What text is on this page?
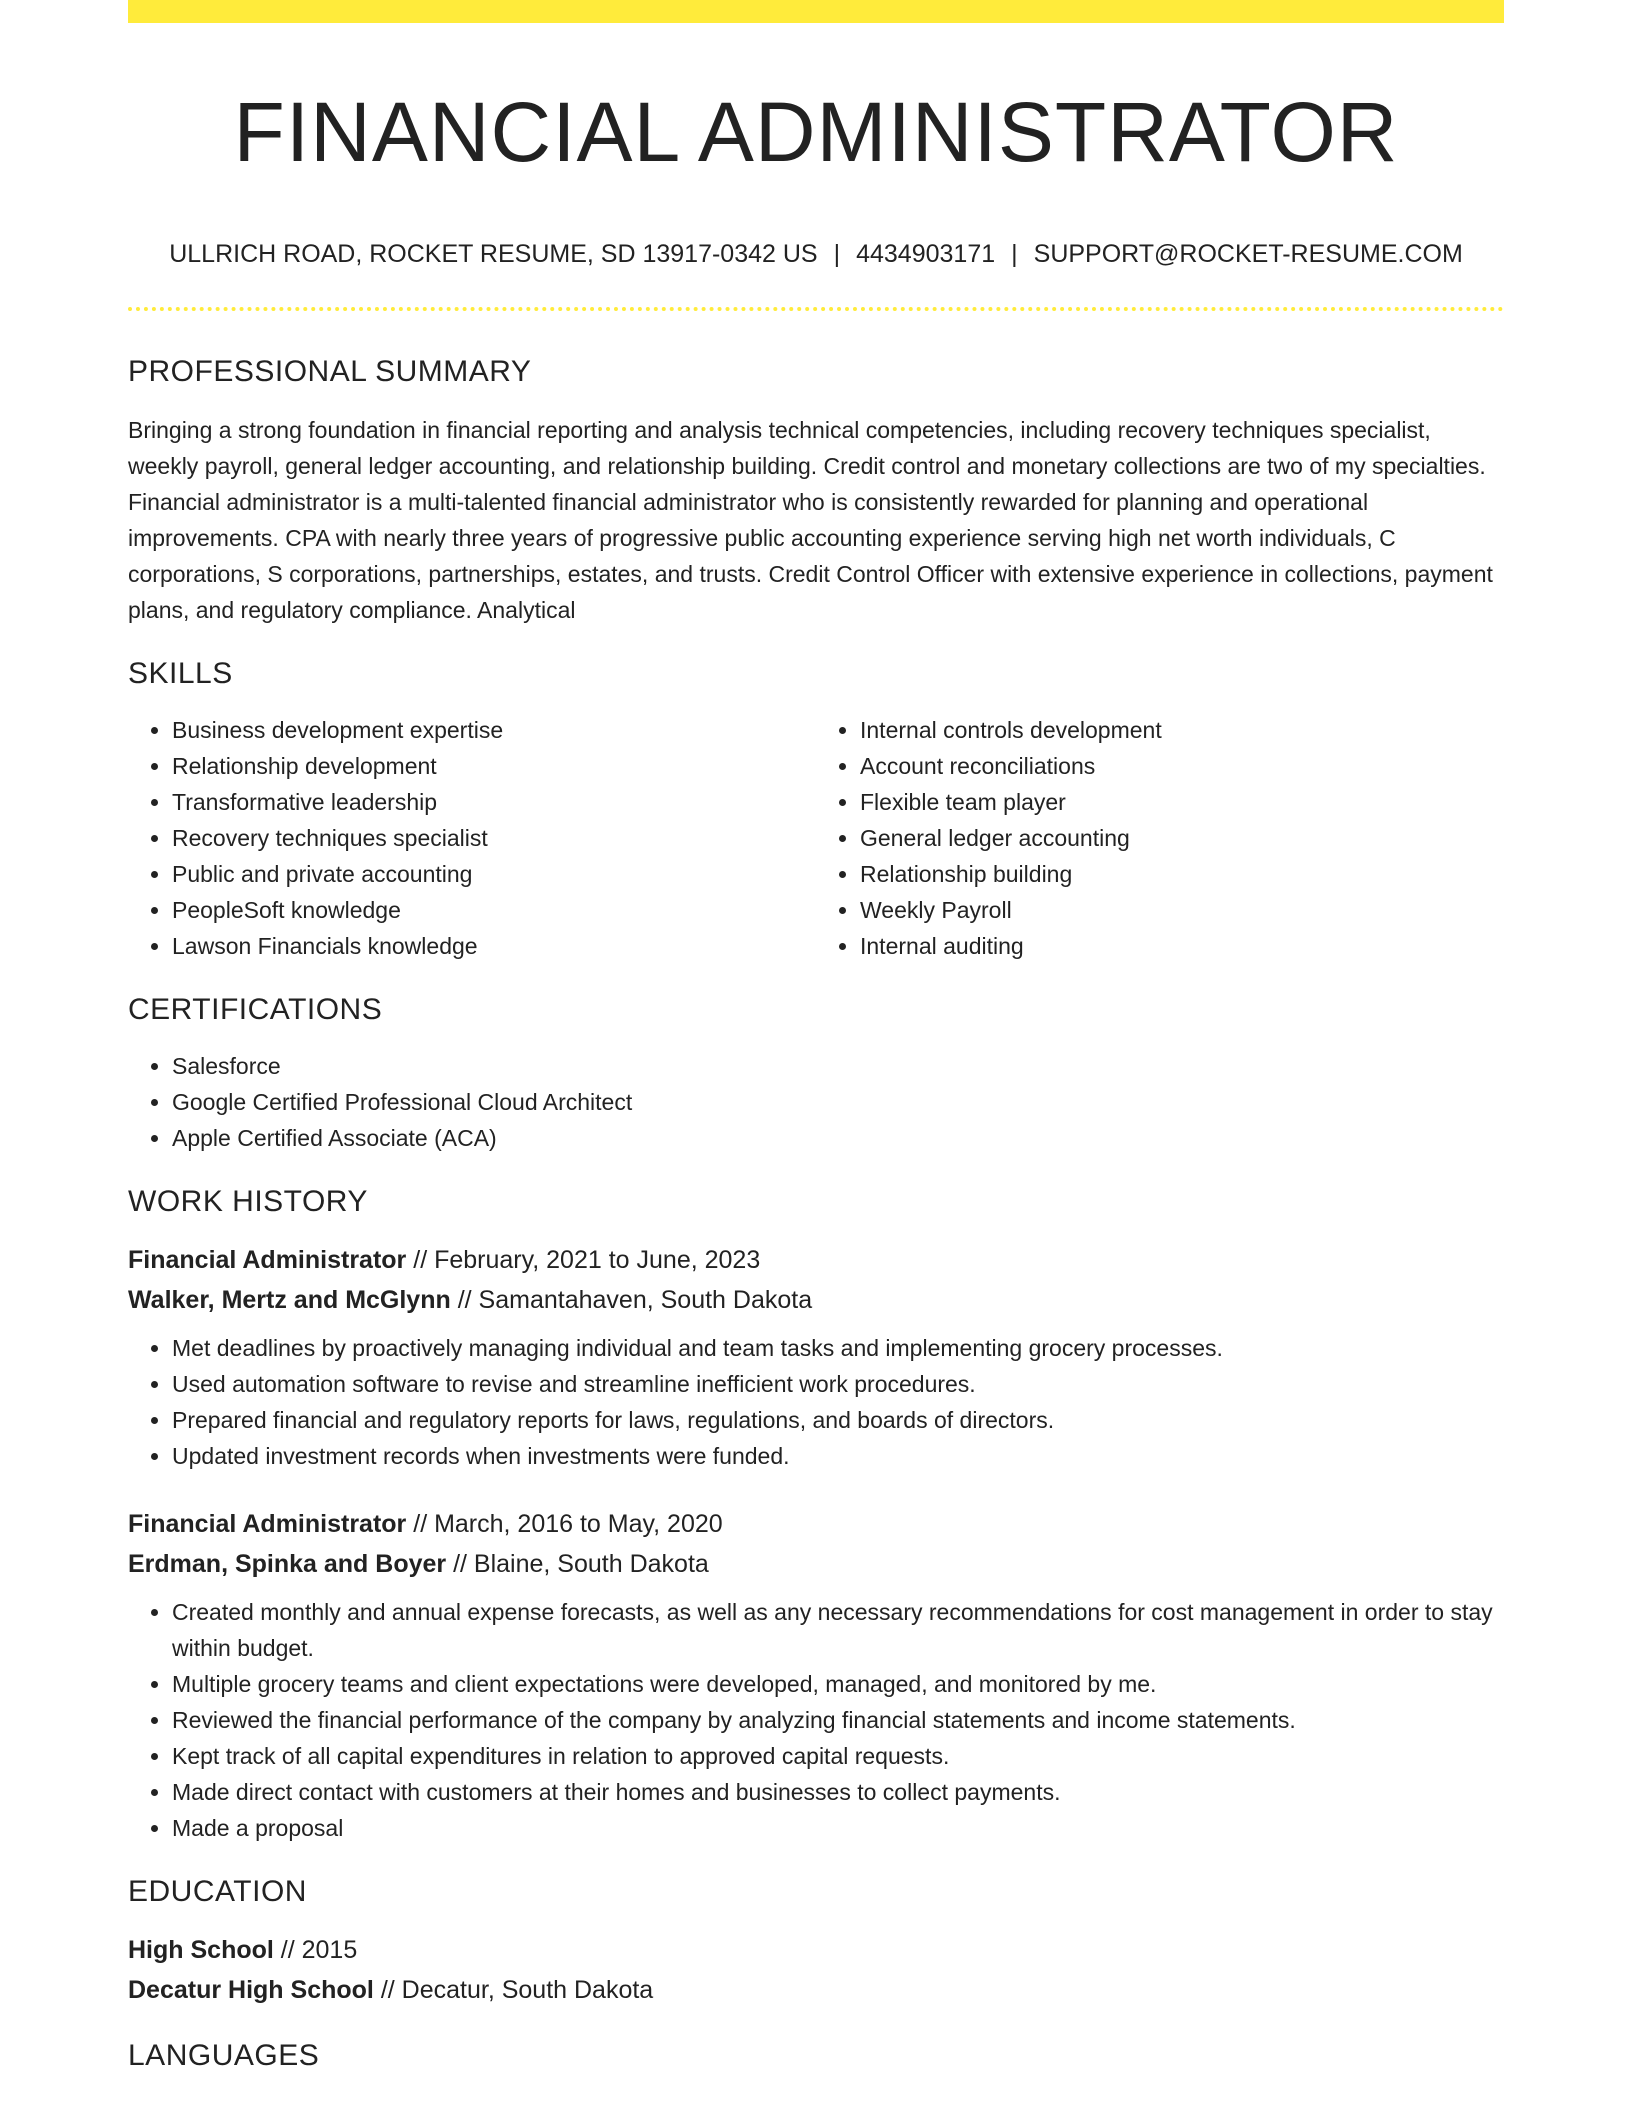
FINANCIAL ADMINISTRATOR
ULLRICH ROAD, ROCKET RESUME, SD 13917-0342 US | 4434903171 | SUPPORT@ROCKET-RESUME.COM
PROFESSIONAL SUMMARY

Bringing a strong foundation in financial reporting and analysis technical competencies, including recovery techniques specialist, weekly payroll, general ledger accounting, and relationship building. Credit control and monetary collections are two of my specialties. Financial administrator is a multi-talented financial administrator who is consistently rewarded for planning and operational improvements. CPA with nearly three years of progressive public accounting experience serving high net worth individuals, C corporations, S corporations, partnerships, estates, and trusts. Credit Control Officer with extensive experience in collections, payment plans, and regulatory compliance. Analytical

SKILLS
• Business development expertise
• Relationship development
• Transformative leadership
• Recovery techniques specialist
• Public and private accounting
• PeopleSoft knowledge
• Lawson Financials knowledge
• Internal controls development
• Account reconciliations
• Flexible team player
• General ledger accounting
• Relationship building
• Weekly Payroll
• Internal auditing
CERTIFICATIONS
• Salesforce
• Google Certified Professional Cloud Architect
• Apple Certified Associate (ACA)
WORK HISTORY

Financial Administrator // February, 2021 to June, 2023

Walker, Mertz and McGlynn // Samantahaven, South Dakota

• Met deadlines by proactively managing individual and team tasks and implementing grocery processes.
• Used automation software to revise and streamline inefficient work procedures.
• Prepared financial and regulatory reports for laws, regulations, and boards of directors.
• Updated investment records when investments were funded.

Financial Administrator // March, 2016 to May, 2020

Erdman, Spinka and Boyer // Blaine, South Dakota

• Created monthly and annual expense forecasts, as well as any necessary recommendations for cost management in order to stay within budget.
• Multiple grocery teams and client expectations were developed, managed, and monitored by me.
• Reviewed the financial performance of the company by analyzing financial statements and income statements.
• Kept track of all capital expenditures in relation to approved capital requests.
• Made direct contact with customers at their homes and businesses to collect payments.
• Made a proposal
EDUCATION

High School // 2015

Decatur High School // Decatur, South Dakota

LANGUAGES
